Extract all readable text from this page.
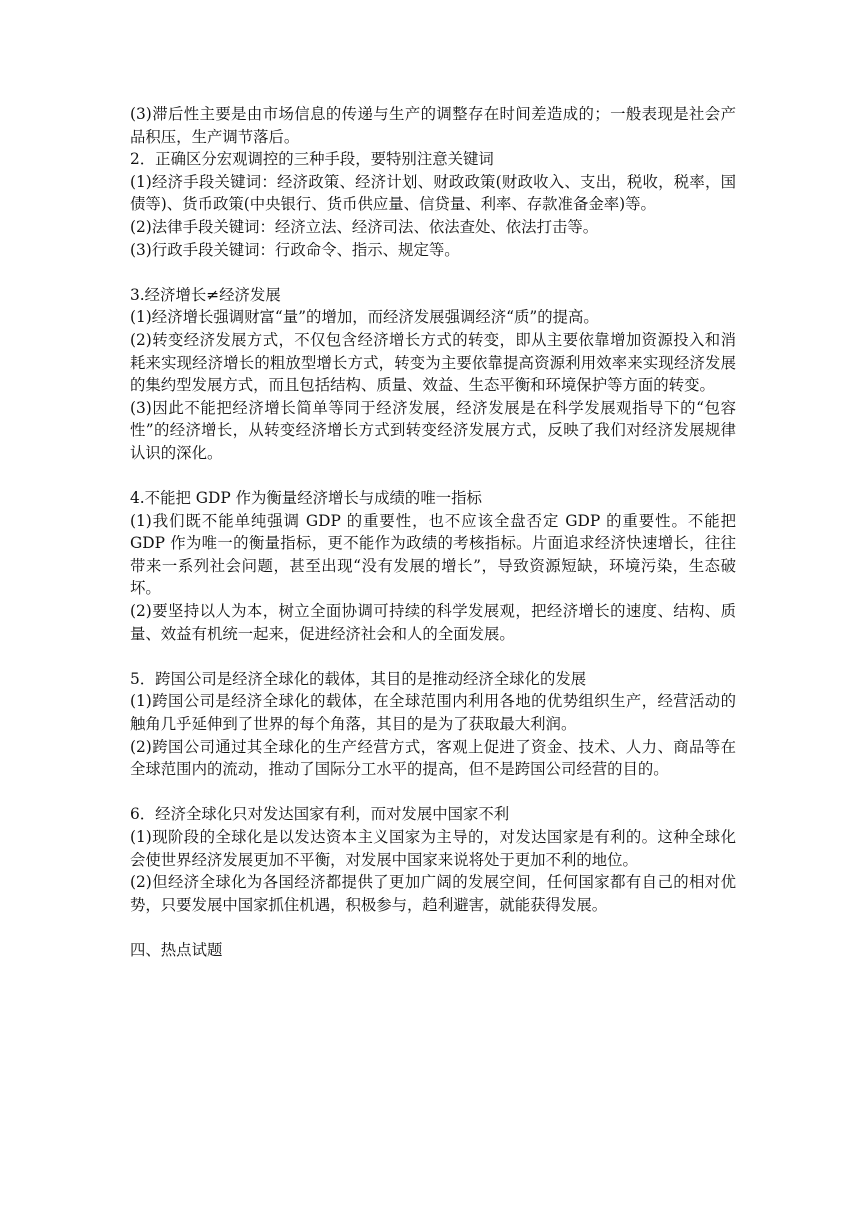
(3)滞后性主要是由市场信息的传递与生产的调整存在时间差造成的；一般表现是社会产品积压，生产调节落后。

2．正确区分宏观调控的三种手段，要特别注意关键词

(1)经济手段关键词：经济政策、经济计划、财政政策(财政收入、支出，税收，税率，国债等)、货币政策(中央银行、货币供应量、信贷量、利率、存款准备金率)等。

(2)法律手段关键词：经济立法、经济司法、依法查处、依法打击等。

(3)行政手段关键词：行政命令、指示、规定等。

3.经济增长≠经济发展

(1)经济增长强调财富“量”的增加，而经济发展强调经济“质”的提高。

(2)转变经济发展方式，不仅包含经济增长方式的转变，即从主要依靠增加资源投入和消耗来实现经济增长的粗放型增长方式，转变为主要依靠提高资源利用效率来实现经济发展的集约型发展方式，而且包括结构、质量、效益、生态平衡和环境保护等方面的转变。

(3)因此不能把经济增长简单等同于经济发展，经济发展是在科学发展观指导下的“包容性”的经济增长，从转变经济增长方式到转变经济发展方式，反映了我们对经济发展规律认识的深化。

4.不能把 GDP 作为衡量经济增长与成绩的唯一指标

(1)我们既不能单纯强调 GDP 的重要性，也不应该全盘否定 GDP 的重要性。不能把 GDP 作为唯一的衡量指标，更不能作为政绩的考核指标。片面追求经济快速增长，往往带来一系列社会问题，甚至出现“没有发展的增长”，导致资源短缺，环境污染，生态破坏。

(2)要坚持以人为本，树立全面协调可持续的科学发展观，把经济增长的速度、结构、质量、效益有机统一起来，促进经济社会和人的全面发展。

5．跨国公司是经济全球化的载体，其目的是推动经济全球化的发展

(1)跨国公司是经济全球化的载体，在全球范围内利用各地的优势组织生产，经营活动的触角几乎延伸到了世界的每个角落，其目的是为了获取最大利润。

(2)跨国公司通过其全球化的生产经营方式，客观上促进了资金、技术、人力、商品等在全球范围内的流动，推动了国际分工水平的提高，但不是跨国公司经营的目的。

6．经济全球化只对发达国家有利，而对发展中国家不利

(1)现阶段的全球化是以发达资本主义国家为主导的，对发达国家是有利的。这种全球化会使世界经济发展更加不平衡，对发展中国家来说将处于更加不利的地位。

(2)但经济全球化为各国经济都提供了更加广阔的发展空间，任何国家都有自己的相对优势，只要发展中国家抓住机遇，积极参与，趋利避害，就能获得发展。

四、热点试题
